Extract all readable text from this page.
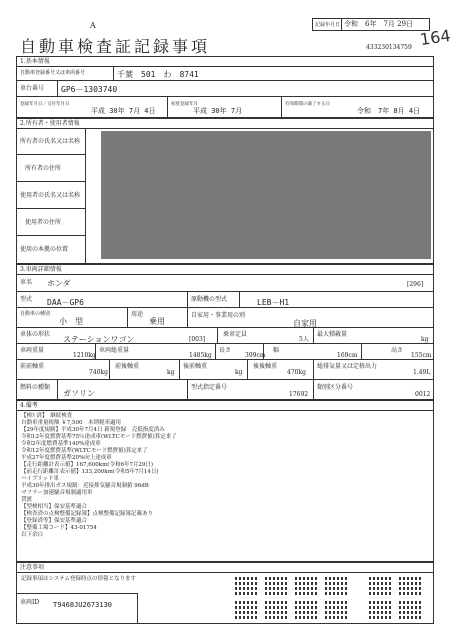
A
自動車検査証記録事項
記録年月日 令和　6年　7月 29日
433230134759 164
1.基本情報
自動車登録番号又は車両番号	千葉　501　わ　8741
車台番号 GP6－1303740
登録年月日／交付年月日
平成 30年 7月 4日
初度登録年月
平成 30年 7月
有効期間の満了する日
令和　7年 8月 4日
2.所有者・使用者情報
所有者の氏名又は名称
所有者の住所
使用者の氏名又は名称
使用者の住所
使用の本拠の位置
3.車両詳細情報
車名 ホンダ	[296]
型式 DAA－GP6	原動機の型式	LEB－H1
自動車の種別
小　型
用途
乗用
自家用・事業用の別
自家用
車体の形状
ステーションワゴン	[003]
乗車定員
5人
最大積載量
kg
車両重量
1210kg
車両総重量
1485kg
長さ
399cm
幅
169cm
高さ
155cm
前前軸重
740kg
前後軸重
kg
後前軸重
kg
後後軸重
470kg
総排気量又は定格出力
1.49L
燃料の種類
ガソリン
型式指定番号
17692
類別区分番号
0012
4.備考
【検ｽ 済】　継続検査
自動車重量税額 ￥7,500　本則税率適用
【29年度規制】平成30年7月4日 新規登録　売抵指度済み
令和12年度燃費基準75％達成車(WLTCモード燃費値)算定来了
令和2年度燃費基準140%達成車
令和12年度燃費基準(WLTCモード燃費値)算定来了
平成27年度燃費基準20%向上達成車
【走行距離計表示値】167,600km(令和6年7月29日)
【前走行距離計表示値】133,200km(令和5年7月14日)
ハイブリッド車
平成30年排出ガス規制：近接排気騒音規制値 96dB
マフラー加速騒音規制適用車
貸渡
【型検相当】保安基準適合
【検査済の点検整備記録簿】点検整備記録簿記載あり
【登録済等】保安基準適合
【整備工場コード】43-01754
以下余白
注意事項
記録事項はシステム登録時点の情報となります
車両ID T9468JU2673130
